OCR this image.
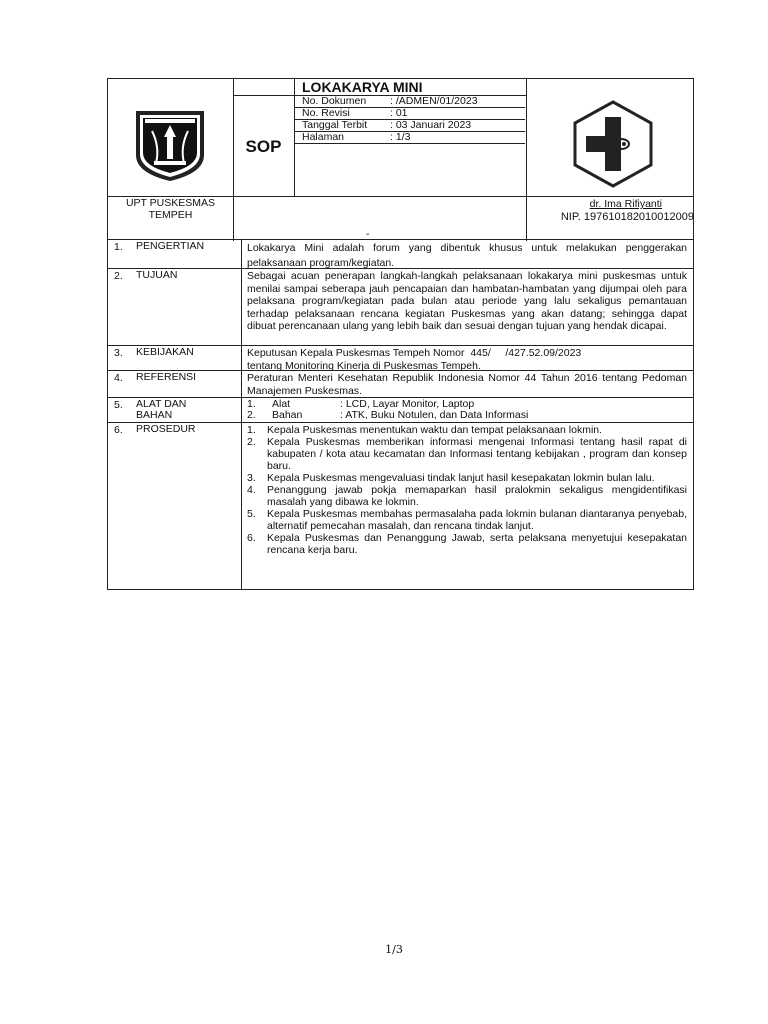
SOP
LOKAKARYA MINI
No. Dokumen : /ADMEN/01/2023
No. Revisi	: 01
Tanggal Terbit : 03 Januari 2023
Halaman	: 1/3
UPT PUSKESMAS
TEMPEH
-
dr. Ima Rifiyanti
NIP. 197610182010012009
1.	PENGERTIAN	Lokakarya Mini adalah forum yang dibentuk khusus untuk melakukan penggerakan pelaksanaan program/kegiatan.
2.	TUJUAN	Sebagai acuan penerapan langkah-langkah pelaksanaan lokakarya mini puskesmas untuk menilai sampai seberapa jauh pencapaian dan hambatan-hambatan yang dijumpai oleh para pelaksana program/kegiatan pada bulan atau periode yang lalu sekaligus pemantauan terhadap pelaksanaan rencana kegiatan Puskesmas yang akan datang; sehingga dapat dibuat perencanaan ulang yang lebih baik dan sesuai dengan tujuan yang hendak dicapai.
3.	KEBIJAKAN	Keputusan Kepala Puskesmas Tempeh Nomor  445/     /427.52.09/2023
tentang Monitoring Kinerja di Puskesmas Tempeh.
4.	REFERENSI	Peraturan Menteri Kesehatan Republik Indonesia Nomor 44 Tahun 2016 tentang Pedoman Manajemen Puskesmas.
5.	ALAT DAN
BAHAN
1. Alat	: LCD, Layar Monitor, Laptop
2. Bahan	: ATK, Buku Notulen, dan Data Informasi
6.	PROSEDUR	1. Kepala Puskesmas menentukan waktu dan tempat pelaksanaan lokmin.
2. Kepala Puskesmas memberikan informasi mengenai Informasi tentang hasil rapat di kabupaten / kota atau kecamatan dan Informasi tentang kebijakan , program dan konsep baru.
3. Kepala Puskesmas mengevaluasi tindak lanjut hasil kesepakatan lokmin bulan lalu.
4. Penanggung jawab pokja memaparkan hasil pralokmin sekaligus mengidentifikasi masalah yang dibawa ke lokmin.
5. Kepala Puskesmas membahas permasalaha pada lokmin bulanan diantaranya penyebab, alternatif pemecahan masalah, dan rencana tindak lanjut.
6. Kepala Puskesmas dan Penanggung Jawab, serta pelaksana menyetujui kesepakatan rencana kerja baru.
1/3
